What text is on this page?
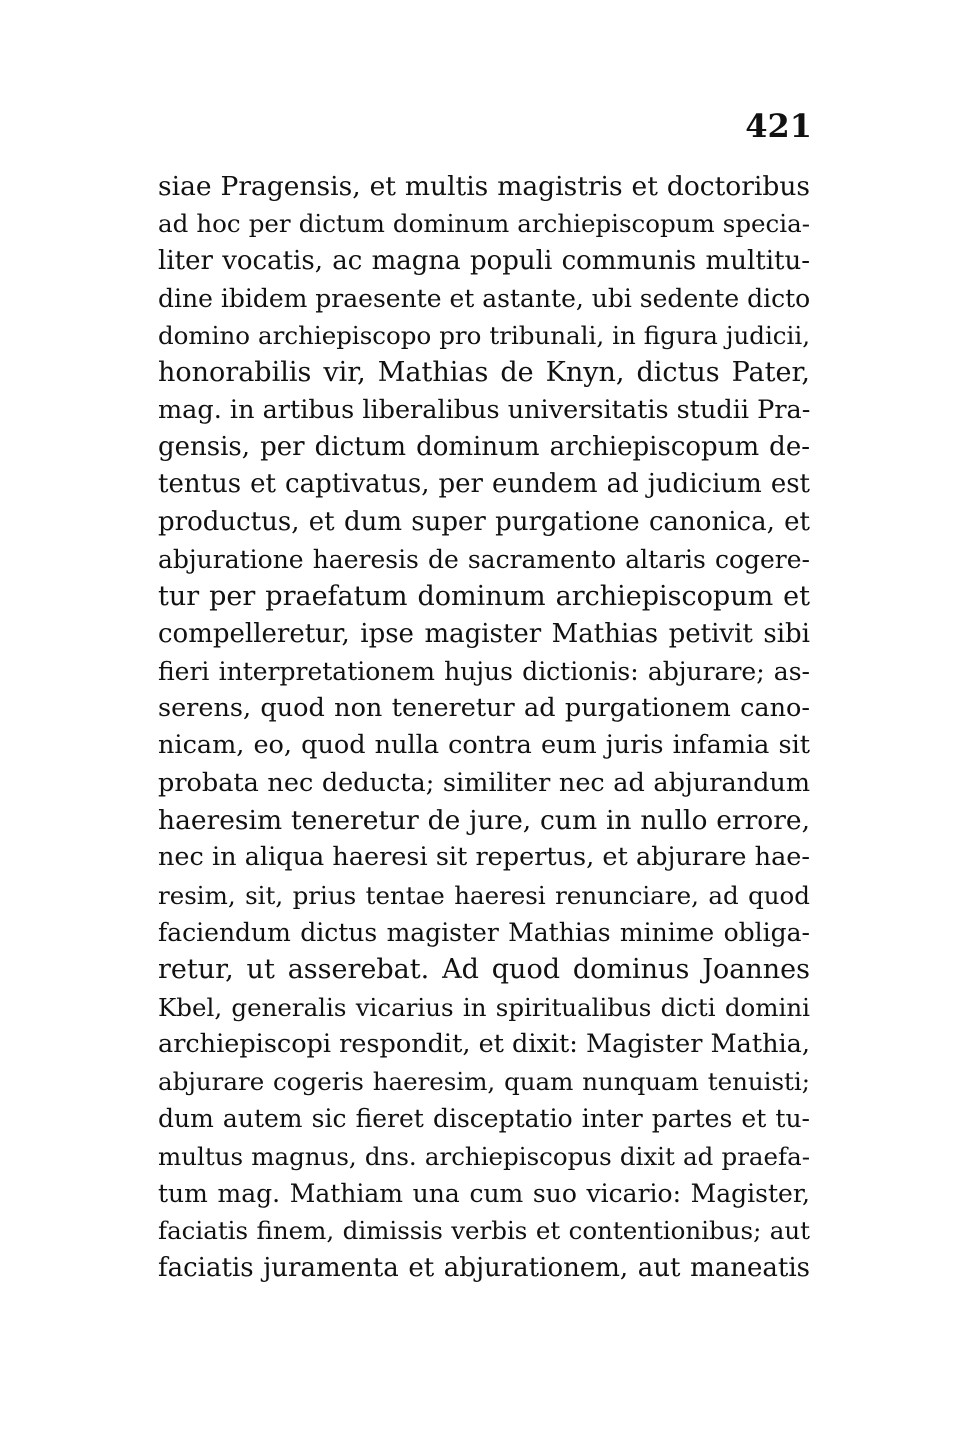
421
siae Pragensis, et multis magistris et doctoribus
ad hoc per dictum dominum archiepiscopum specia-
liter vocatis, ac magna populi communis multitu-
dine ibidem praesente et astante, ubi sedente dicto
domino archiepiscopo pro tribunali, in figura judicii,
honorabilis vir, Mathias de Knyn, dictus Pater,
mag. in artibus liberalibus universitatis studii Pra-
gensis, per dictum dominum archiepiscopum de-
tentus et captivatus, per eundem ad judicium est
productus, et dum super purgatione canonica, et
abjuratione haeresis de sacramento altaris cogere-
tur per praefatum dominum archiepiscopum et
compelleretur, ipse magister Mathias petivit sibi
fieri interpretationem hujus dictionis: abjurare; as-
serens, quod non teneretur ad purgationem cano-
nicam, eo, quod nulla contra eum juris infamia sit
probata nec deducta; similiter nec ad abjurandum
haeresim teneretur de jure, cum in nullo errore,
nec in aliqua haeresi sit repertus, et abjurare hae-
resim, sit, prius tentae haeresi renunciare, ad quod
faciendum dictus magister Mathias minime obliga-
retur, ut asserebat. Ad quod dominus Joannes
Kbel, generalis vicarius in spiritualibus dicti domini
archiepiscopi respondit, et dixit: Magister Mathia,
abjurare cogeris haeresim, quam nunquam tenuisti;
dum autem sic fieret disceptatio inter partes et tu-
multus magnus, dns. archiepiscopus dixit ad praefa-
tum mag. Mathiam una cum suo vicario: Magister,
faciatis finem, dimissis verbis et contentionibus; aut
faciatis juramenta et abjurationem, aut maneatis
